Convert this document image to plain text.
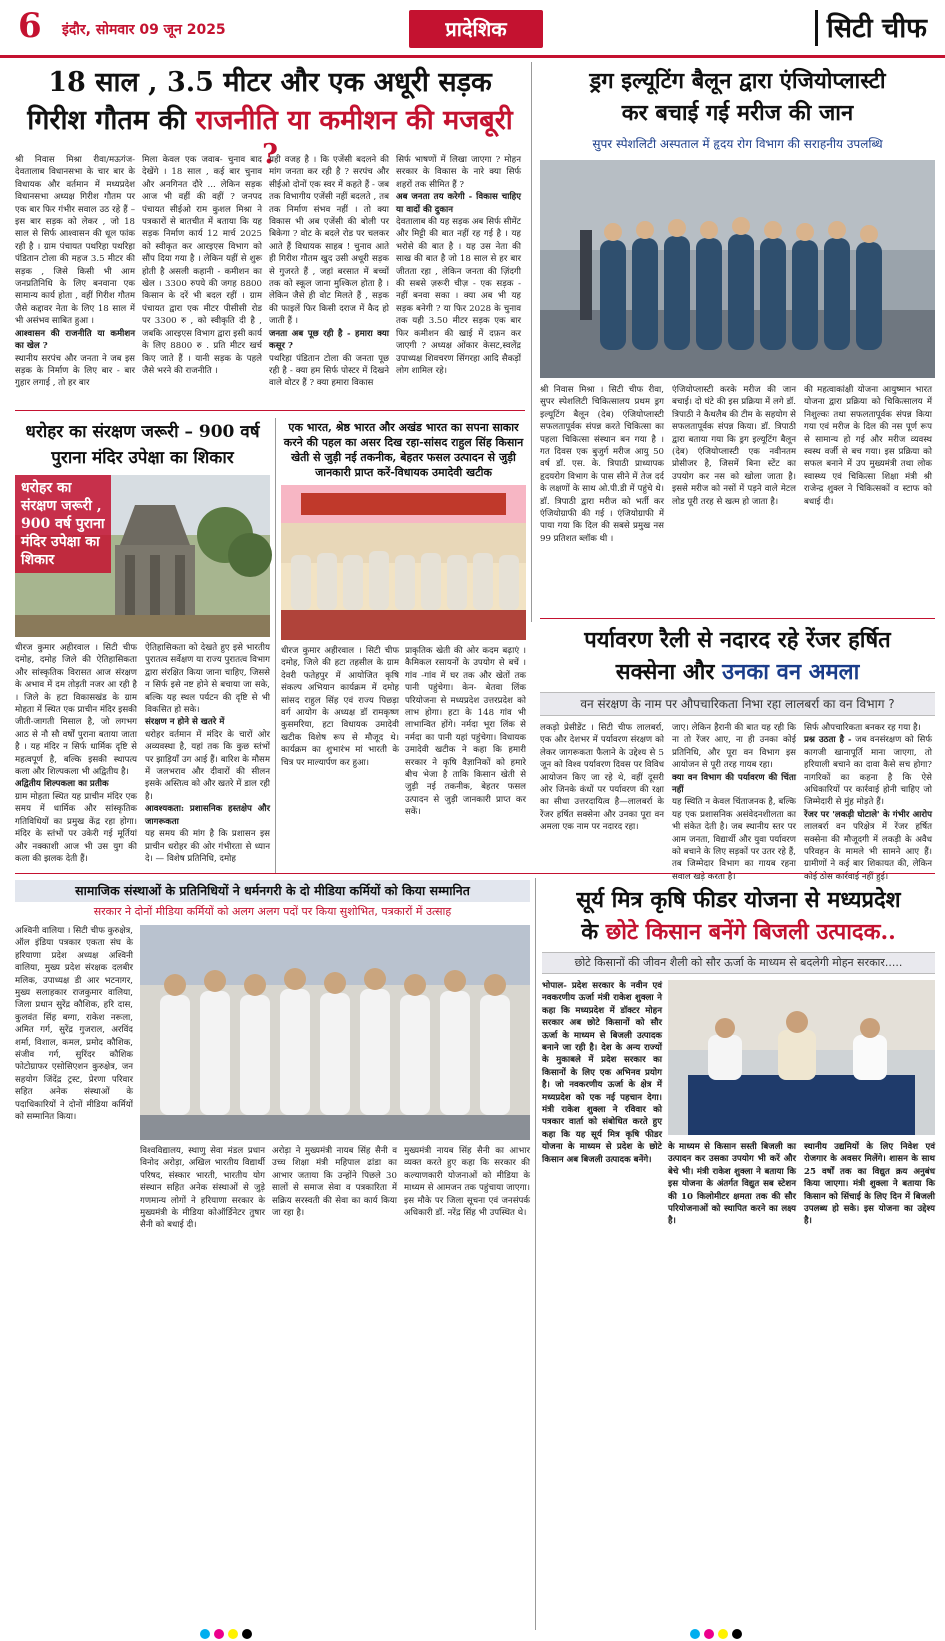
6 इंदौर, सोमवार 09 जून 2025	प्रादेशिक	सिटी चीफ
18 साल , 3.5 मीटर और एक अधूरी सड़क
गिरीश गौतम की राजनीति या कमीशन की मजबूरी ?
श्री निवास मिश्रा रीवा/मऊगंज- देवतालाब विधानसभा के चार बार के विधायक और वर्तमान में मध्यप्रदेश विधानसभा अध्यक्ष गिरीश गौतम पर एक बार फिर गंभीर सवाल उठ रहे हैं – इस बार सड़क को लेकर , जो 18 साल से सिर्फ आश्वासन की धूल फांक रही है । ग्राम पंचायत पथरिहा पथरिहा पंडितान टोला की महज 3.5 मीटर की सड़क , जिसे किसी भी आम जनप्रतिनिधि के लिए बनवाना एक सामान्य कार्य होता , वहीं गिरीश गौतम जैसे कद्दावर नेता के लिए 18 साल में भी असंभव साबित हुआ ।
आश्वासन की राजनीति या कमीशन का खेल ?
स्थानीय सरपंच और जनता ने जब इस सड़क के निर्माण के लिए बार - बार गुहार लगाई , तो हर बार
मिला केवल एक जवाब- चुनाव बाद देखेंगे । 18 साल , कई बार चुनाव और अनगिनत दौरे ... लेकिन सड़क आज भी वहीं की वहीं ? जनपद पंचायत सीईओ राम कुशल मिश्रा ने पत्रकारों से बातचीत में बताया कि यह सड़क निर्माण कार्य 12 मार्च 2025 को स्वीकृत कर आरइएस विभाग को सौंप दिया गया है । लेकिन यहीं से शुरू होती है असली कहानी - कमीशन का खेल । 3300 रुपये की जगह 8800 किसान के दरें भी बदल रहीं । ग्राम पंचायत द्वारा एक मीटर पीसीसी रोड पर 3300 रु , को स्वीकृति दी है , जबकि आरइएस विभाग द्वारा इसी कार्य के लिए 8800 रु . प्रति मीटर खर्च किए जाते हैं । यानी सड़क के पहले जैसे भरने की राजनीति ।
यही वजह है । कि एजेंसी बदलने की मांग जनता कर रही है ? सरपंच और सीईओ दोनों एक स्वर में कहते हैं - जब तक विभागीय एजेंसी नहीं बदलते , तब तक निर्माण संभव नहीं । तो क्या विकास भी अब एजेंसी की बोली पर बिकेगा ? वोट के बदले रोड पर चलकर आते हैं विधायक साहब ! चुनाव आते ही गिरीश गौतम खुद उसी अधूरी सड़क से गुजरते हैं , जहां बरसात में बच्चों तक को स्कूल जाना मुश्किल होता है । लेकिन जैसे ही वोट मिलते हैं , सड़क की फाइलें फिर किसी दराज में कैद हो जाती हैं ।
जनता अब पूछ रही है - हमारा क्या कसूर ?
पथरिहा पंडितान टोला की जनता पूछ रही है - क्या हम सिर्फ पोस्टर में दिखने वाले वोटर हैं ? क्या हमारा विकास
सिर्फ भाषणों में लिखा जाएगा ? मोहन सरकार के विकास के नारे क्या सिर्फ शहरों तक सीमित हैं ?
अब जनता तय करेगी - विकास चाहिए या वादों की दुकान
देवतालाब की यह सड़क अब सिर्फ सीमेंट और मिट्टी की बात नहीं रह गई है । यह भरोसे की बात है । यह उस नेता की साख की बात है जो 18 साल से हर बार जीतता रहा , लेकिन जनता की ज़िंदगी की सबसे ज़रूरी चीज़ - एक सड़क - नहीं बनवा सका । क्या अब भी यह सड़क बनेगी ? या फिर 2028 के चुनाव तक यही 3.50 मीटर सड़क एक बार फिर कमीशन की खाई में दफ़न कर जाएगी ? अध्यक्ष ओंकार केसट,स्वलेंद्र उपाध्यक्ष शिवचरण सिंगरहा आदि सैकड़ों लोग शामिल रहे।
ड्रग इल्यूटिंग बैलून द्वारा एंजियोप्लास्टी
कर बचाई गई मरीज की जान
सुपर स्पेशलिटी अस्पताल में हृदय रोग विभाग की सराहनीय उपलब्धि
श्री निवास मिश्रा । सिटी चीफ रीवा, सुपर स्पेशलिटी चिकित्सालय प्रथम ड्रग इल्यूटिंग बैलून (देब) एंजियोप्लास्टी सफलतापूर्वक संपन्न करते चिकित्सा का पहला चिकित्सा संस्थान बन गया है । गत दिवस एक बुजुर्ग मरीज आयु 50 वर्ष डॉ. एस. के. त्रिपाठी प्राध्यापक हृदयरोग विभाग के पास सीने में तेज दर्द के लक्षणों के साथ ओ.पी.डी में पहुंचे थे। डॉ. त्रिपाठी द्वारा मरीज को भर्ती कर एंजियोग्राफी की गई । एंजियोग्राफी में पाया गया कि दिल की सबसे प्रमुख नस 99 प्रतिशत ब्लॉक थी ।
एंजियोप्लास्टी करके मरीज की जान बचाई। दो घंटे की इस प्रक्रिया में लगे डॉ. त्रिपाठी ने कैथलैब की टीम के सहयोग से सफलतापूर्वक संपन्न किया। डॉ. त्रिपाठी द्वारा बताया गया कि ड्रग इल्यूटिंग बैलून (देब) एंजियोप्लास्टी एक नवीनतम प्रोसीजर है, जिसमें बिना स्टेंट का उपयोग कर नस को खोला जाता है। इससे मरीज को नसों में पड़ने वाले मेटल लोड पूरी तरह से खत्म हो जाता है।
की महत्वाकांक्षी योजना आयुष्मान भारत योजना द्वारा प्रक्रिया को चिकित्सालय में निशुल्कः तथा सफलतापूर्वक संपन्न किया गया एवं मरीज के दिल की नस पूर्ण रूप से सामान्य हो गई और मरीज व्यवस्थ स्वस्थ वर्जी से बच गया। इस प्रक्रिया को सफल बनाने में उप मुख्यमंत्री तथा लोक स्वास्थ्य एवं चिकित्सा शिक्षा मंत्री श्री राजेन्द्र शुक्ल ने चिकित्सकों व स्टाफ को बधाई दी।
धरोहर का संरक्षण जरूरी – 900 वर्ष
पुराना मंदिर उपेक्षा का शिकार
धरोहर का संरक्षण जरूरी , 900 वर्ष पुराना मंदिर उपेक्षा का शिकार
धीरज कुमार अहीरवाल । सिटी चीफ दमोह, दमोह जिले की ऐतिहासिकता और सांस्कृतिक विरासत आज संरक्षण के अभाव में दम तोड़ती नजर आ रही है । जिले के हटा विकासखंड के ग्राम मोहता में स्थित एक प्राचीन मंदिर इसकी जीती-जागती मिसाल है, जो लगभग आठ से नौ सौ वर्षों पुराना बताया जाता है । यह मंदिर न सिर्फ धार्मिक दृष्टि से महत्वपूर्ण है, बल्कि इसकी स्थापत्य कला और शिल्पकला भी अद्वितीय है।
अद्वितीय शिल्पकला का प्रतीक
ग्राम मोहता स्थित यह प्राचीन मंदिर एक समय में धार्मिक और सांस्कृतिक गतिविधियों का प्रमुख केंद्र रहा होगा। मंदिर के स्तंभों पर उकेरी गई मूर्तियां और नक्काशी आज भी उस युग की कला की झलक देती हैं।
ऐतिहासिकता को देखते हुए इसे भारतीय पुरातत्व सर्वेक्षण या राज्य पुरातत्व विभाग द्वारा संरक्षित किया जाना चाहिए, जिससे न सिर्फ इसे नष्ट होने से बचाया जा सके, बल्कि यह स्थल पर्यटन की दृष्टि से भी विकसित हो सके।
संरक्षण न होने से खतरे में
धरोहर वर्तमान में मंदिर के चारों ओर अव्यवस्था है, यहां तक कि कुछ स्तंभों पर झाड़ियाँ उग आई हैं। बारिश के मौसम में जलभराव और दीवारों की सीलन इसके अस्तित्व को और खतरे में डाल रही है।
आवश्यकता: प्रशासनिक हस्तक्षेप और जागरूकता
यह समय की मांग है कि प्रशासन इस प्राचीन धरोहर की ओर गंभीरता से ध्यान दे। — विशेष प्रतिनिधि, दमोह
एक भारत, श्रेष्ठ भारत और अखंड भारत का सपना साकार करने की पहल का असर दिख रहा-सांसद राहुल सिंह किसान खेती से जुड़ी नई तकनीक, बेहतर फसल उत्पादन से जुड़ी जानकारी प्राप्त करें-विधायक उमादेवी खटीक
धीरज कुमार अहीरवाल । सिटी चीफ दमोह, जिले की हटा तहसील के ग्राम देवरी फतेहपुर में आयोजित कृषि संकल्प अभियान कार्यक्रम में दमोह सांसद राहुल सिंह एवं राज्य पिछड़ा वर्ग आयोग के अध्यक्ष डॉ रामकृष्ण कुसमरिया, हटा विधायक उमादेवी खटीक विशेष रूप से मौजूद थे। कार्यक्रम का शुभारंभ मां भारती के चित्र पर माल्यार्पण कर हुआ।
प्राकृतिक खेती की ओर कदम बढ़ाएं । कैमिकल रसायनों के उपयोग से बचें । गांव -गांव में घर तक और खेतों तक पानी पहुंचेगा। केन- बेतवा लिंक परियोजना से मध्यप्रदेश उत्तरप्रदेश को लाभ होगा। हटा के 148 गांव भी लाभान्वित होंगे। नर्मदा भूरा लिंक से नर्मदा का पानी यहां पहुंचेगा। विधायक उमादेवी खटीक ने कहा कि हमारी सरकार ने कृषि वैज्ञानिकों को हमारे बीच भेजा है ताकि किसान खेती से जुड़ी नई तकनीक, बेहतर फसल उत्पादन से जुड़ी जानकारी प्राप्त कर सकें।
पर्यावरण रैली से नदारद रहे रेंजर हर्षित
सक्सेना और उनका वन अमला
वन संरक्षण के नाम पर औपचारिकता निभा रहा लालबर्रा का वन विभाग ?
लकड़ो प्रेसीडेंट । सिटी चीफ लालबर्रा, एक और देशभर में पर्यावरण संरक्षण को लेकर जागरूकता फैलाने के उद्देश्य से 5 जून को विश्व पर्यावरण दिवस पर विविध आयोजन किए जा रहे थे, वहीं दूसरी ओर जिनके कंधों पर पर्यावरण की रक्षा का सीधा उत्तरदायित्व है—लालबर्रा के रेंजर हर्षित सक्सेना और उनका पूरा वन अमला एक नाम पर नदारद रहा।
जाए। लेकिन हैरानी की बात यह रही कि ना तो रेंजर आए, ना ही उनका कोई प्रतिनिधि, और पूरा वन विभाग इस आयोजन से पूरी तरह गायब रहा।
क्या वन विभाग की पर्यावरण की चिंता नहीं
यह स्थिति न केवल चिंताजनक है, बल्कि यह एक प्रशासनिक असंवेदनशीलता का भी संकेत देती है। जब स्थानीय स्तर पर आम जनता, विद्यार्थी और युवा पर्यावरण को बचाने के लिए सड़कों पर उतर रहे हैं, तब जिम्मेदार विभाग का गायब रहना सवाल खड़े करता है।
सिर्फ औपचारिकता बनकर रह गया है।
प्रश्न उठता है - जब वनसंरक्षण को सिर्फ कागजी खानापूर्ति माना जाएगा, तो हरियाली बचाने का दावा कैसे सच होगा? नागरिकों का कहना है कि ऐसे अधिकारियों पर कार्रवाई होनी चाहिए जो जिम्मेदारी से मुंह मोड़ते हैं।
रेंजर पर 'लकड़ी घोटाले' के गंभीर आरोप लालबर्रा वन परिक्षेत्र में रेंजर हर्षित सक्सेना की मौजूदगी में लकड़ी के अवैध परिवहन के मामले भी सामने आए हैं। ग्रामीणों ने कई बार शिकायत की, लेकिन कोई ठोस कार्रवाई नहीं हुई।
सामाजिक संस्थाओं के प्रतिनिधियों ने धर्मनगरी के दो मीडिया कर्मियों को किया सम्मानित
सरकार ने दोनों मीडिया कर्मियों को अलग अलग पदों पर किया सुशोभित, पत्रकारों में उत्साह
अश्विनी वालिया । सिटी चीफ कुरुक्षेत्र, ऑल इंडिया पत्रकार एकता संघ के हरियाणा प्रदेश अध्यक्ष अश्विनी वालिया, मुख्य प्रदेश संरक्षक दलबीर मलिक, उपाध्यक्ष डी आर भटनागर, मुख्य सलाहकार राजकुमार वालिया, जिला प्रधान सुरेंद्र कौशिक, हरि दास, कुलवंत सिंह बग्गा, राकेश नरूला, अमित गर्ग, सुरेंद्र गुजराल, अरविंद शर्मा, विशाल, कमल, प्रमोद कौशिक, संजीव गर्ग, सुरिंदर कौशिक फोटोग्राफर एसोसिएशन कुरुक्षेत्र, जन सहयोग जिंदेंद्र ट्रस्ट, प्रेरणा परिवार सहित अनेक संस्थाओं के पदाधिकारियों ने दोनों मीडिया कर्मियों को सम्मानित किया।
विश्वविद्यालय, स्थाणु सेवा मंडल प्रधान विनोद अरोड़ा, अखिल भारतीय विद्यार्थी परिषद, संस्कार भारती, भारतीय योग संस्थान सहित अनेक संस्थाओं से जुड़े गणमान्य लोगों ने हरियाणा सरकार के मुख्यमंत्री के मीडिया कोऑर्डिनेटर तुषार सैनी को बधाई दी।
अरोड़ा ने मुख्यमंत्री नायब सिंह सैनी व उच्च शिक्षा मंत्री महिपाल ढांडा का आभार जताया कि उन्होंने पिछले 30 सालों से समाज सेवा व पत्रकारिता में सक्रिय सरस्वती की सेवा का कार्य किया जा रहा है।
मुख्यमंत्री नायब सिंह सैनी का आभार व्यक्त करते हुए कहा कि सरकार की कल्याणकारी योजनाओं को मीडिया के माध्यम से आमजन तक पहुंचाया जाएगा। इस मौके पर जिला सूचना एवं जनसंपर्क अधिकारी डॉ. नरेंद्र सिंह भी उपस्थित थे।
सूर्य मित्र कृषि फीडर योजना से मध्यप्रदेश
के छोटे किसान बनेंगे बिजली उत्पादक..
छोटे किसानों की जीवन शैली को सौर ऊर्जा के माध्यम से बदलेगी मोहन सरकार.....
भोपाल- प्रदेश सरकार के नवीन एवं नवकरणीय ऊर्जा मंत्री राकेश शुक्ला ने कहा कि मध्यप्रदेश में डॉक्टर मोहन सरकार अब छोटे किसानों को सौर ऊर्जा के माध्यम से बिजली उत्पादक बनाने जा रही है। देश के अन्य राज्यों के मुकाबले में प्रदेश सरकार का किसानों के लिए एक अभिनव प्रयोग है। जो नवकरणीय ऊर्जा के क्षेत्र में मध्यप्रदेश को एक नई पहचान देगा। मंत्री राकेश शुक्ला ने रविवार को पत्रकार वार्ता को संबोधित करते हुए कहा कि यह सूर्य मित्र कृषि फीडर योजना के माध्यम से प्रदेश के छोटे किसान अब बिजली उत्पादक बनेंगे।
के माध्यम से किसान सस्ती बिजली का उत्पादन कर उसका उपयोग भी करें और बेचे भी। मंत्री राकेश शुक्ला ने बताया कि इस योजना के अंतर्गत विद्युत सब स्टेशन की 10 किलोमीटर क्षमता तक की सौर परियोजनाओं को स्थापित करने का लक्ष्य है।
स्थानीय उद्यमियों के लिए निवेश एवं रोजगार के अवसर मिलेंगे। शासन के साथ 25 वर्षों तक का विद्युत क्रय अनुबंध किया जाएगा। मंत्री शुक्ला ने बताया कि किसान को सिंचाई के लिए दिन में बिजली उपलब्ध हो सके। इस योजना का उद्देश्य है।
